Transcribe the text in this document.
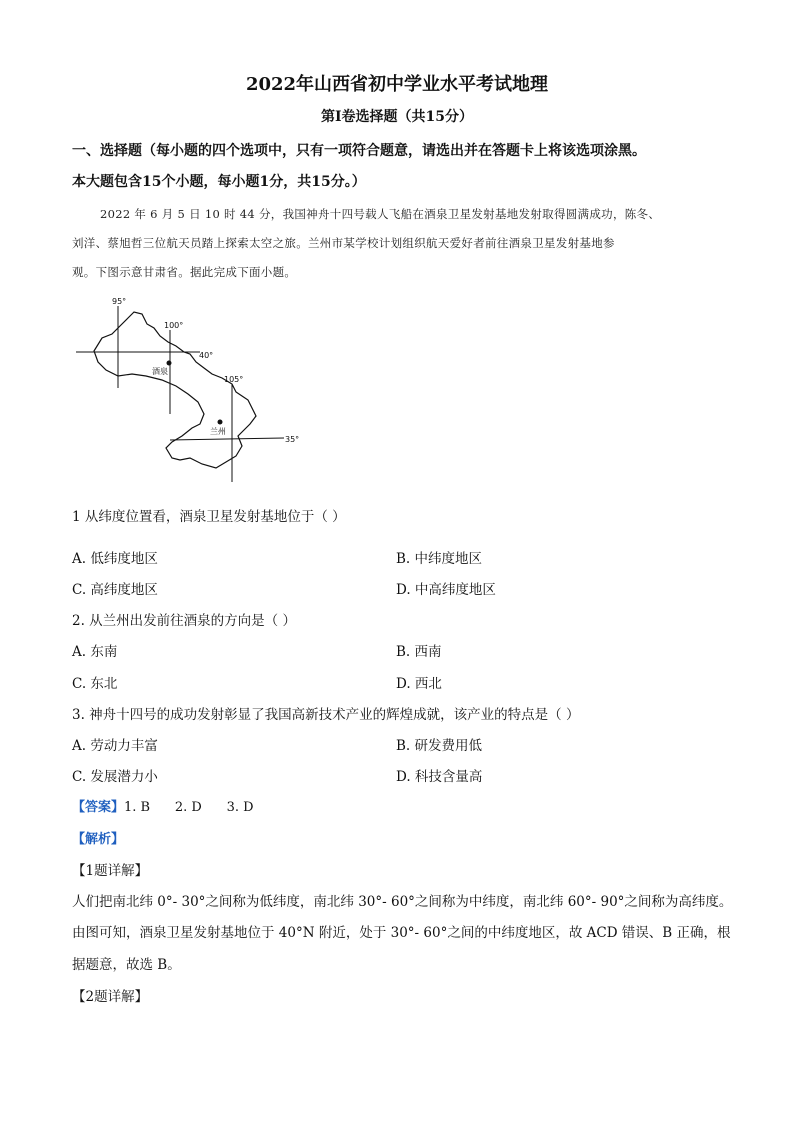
2022年山西省初中学业水平考试地理
第Ⅰ卷选择题（共15分）
一、选择题（每小题的四个选项中，只有一项符合题意，请选出并在答题卡上将该选项涂黑。
本大题包含15个小题，每小题1分，共15分。）
2022 年 6 月 5 日 10 时 44 分，我国神舟十四号载人飞船在酒泉卫星发射基地发射取得圆满成功，陈冬、
刘洋、蔡旭哲三位航天员踏上探索太空之旅。兰州市某学校计划组织航天爱好者前往酒泉卫星发射基地参
观。下图示意甘肃省。据此完成下面小题。
95°
100°
105°
40°
35°
酒泉
兰州
1 从纬度位置看，酒泉卫星发射基地位于（ ）
A. 低纬度地区	B. 中纬度地区
C. 高纬度地区	D. 中高纬度地区
2. 从兰州出发前往酒泉的方向是（ ）
A. 东南	B. 西南
C. 东北	D. 西北
3. 神舟十四号的成功发射彰显了我国高新技术产业的辉煌成就，该产业的特点是（ ）
A. 劳动力丰富	B. 研发费用低
C. 发展潜力小	D. 科技含量高
【答案】1. B      2. D      3. D
【解析】
【1题详解】
人们把南北纬 0°- 30°之间称为低纬度，南北纬 30°- 60°之间称为中纬度，南北纬 60°- 90°之间称为高纬度。
由图可知，酒泉卫星发射基地位于 40°N 附近，处于 30°- 60°之间的中纬度地区，故 ACD 错误、B 正确，根
据题意，故选 B。
【2题详解】
